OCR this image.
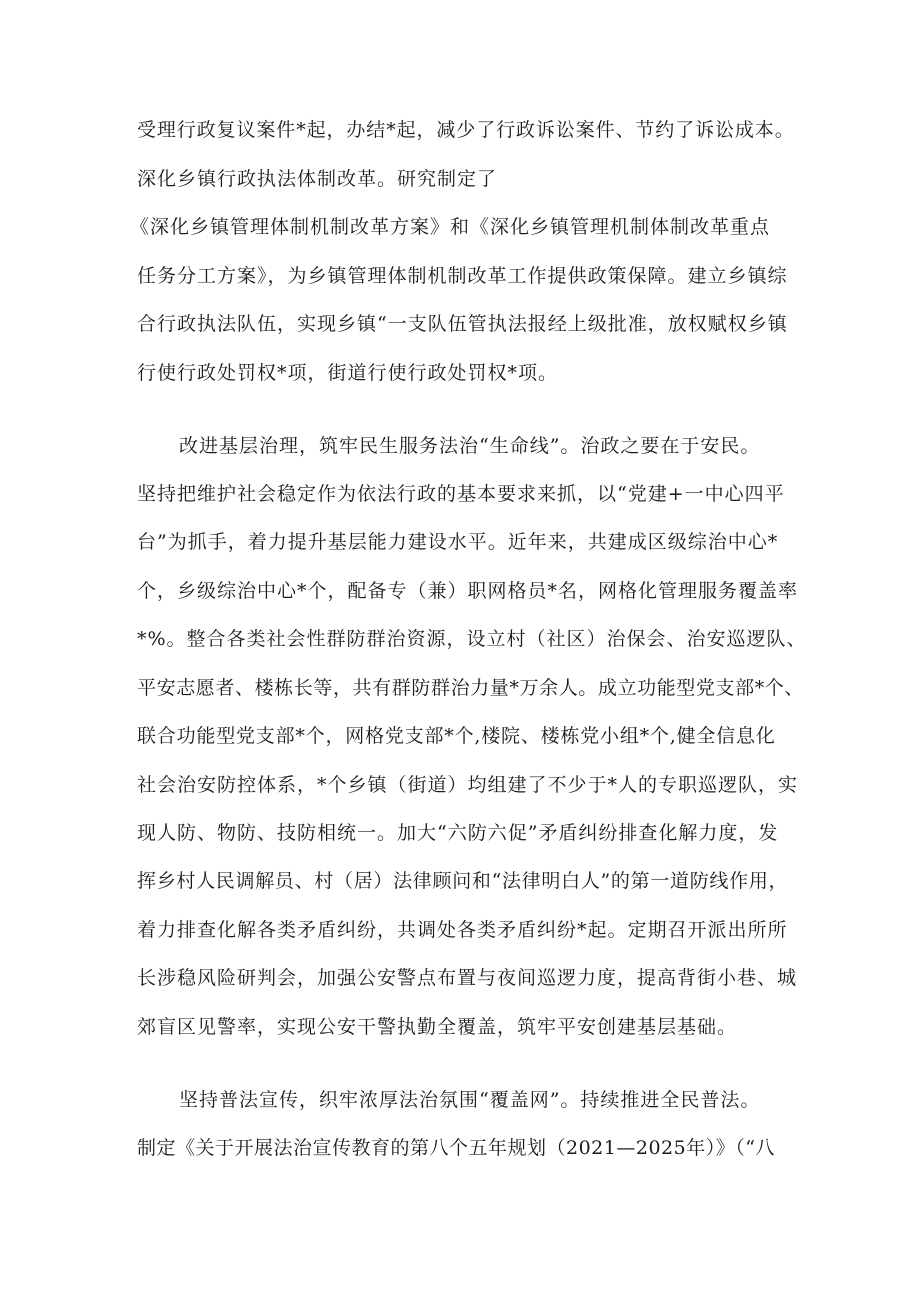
受理行政复议案件*起，办结*起，减少了行政诉讼案件、节约了诉讼成本。
深化乡镇行政执法体制改革。研究制定了
《深化乡镇管理体制机制改革方案》和《深化乡镇管理机制体制改革重点
任务分工方案》，为乡镇管理体制机制改革工作提供政策保障。建立乡镇综
合行政执法队伍，实现乡镇“一支队伍管执法报经上级批准，放权赋权乡镇
行使行政处罚权*项，街道行使行政处罚权*项。
改进基层治理，筑牢民生服务法治“生命线”。治政之要在于安民。
坚持把维护社会稳定作为依法行政的基本要求来抓，以“党建+一中心四平
台”为抓手，着力提升基层能力建设水平。近年来，共建成区级综治中心*
个，乡级综治中心*个，配备专（兼）职网格员*名，网格化管理服务覆盖率
*%。整合各类社会性群防群治资源，设立村（社区）治保会、治安巡逻队、
平安志愿者、楼栋长等，共有群防群治力量*万余人。成立功能型党支部*个、
联合功能型党支部*个，网格党支部*个,楼院、楼栋党小组*个,健全信息化
社会治安防控体系，*个乡镇（街道）均组建了不少于*人的专职巡逻队，实
现人防、物防、技防相统一。加大“六防六促”矛盾纠纷排查化解力度，发
挥乡村人民调解员、村（居）法律顾问和“法律明白人”的第一道防线作用，
着力排查化解各类矛盾纠纷，共调处各类矛盾纠纷*起。定期召开派出所所
长涉稳风险研判会，加强公安警点布置与夜间巡逻力度，提高背街小巷、城
郊盲区见警率，实现公安干警执勤全覆盖，筑牢平安创建基层基础。
坚持普法宣传，织牢浓厚法治氛围“覆盖网”。持续推进全民普法。
制定《关于开展法治宣传教育的第八个五年规划（2021—2025年）》（“八
